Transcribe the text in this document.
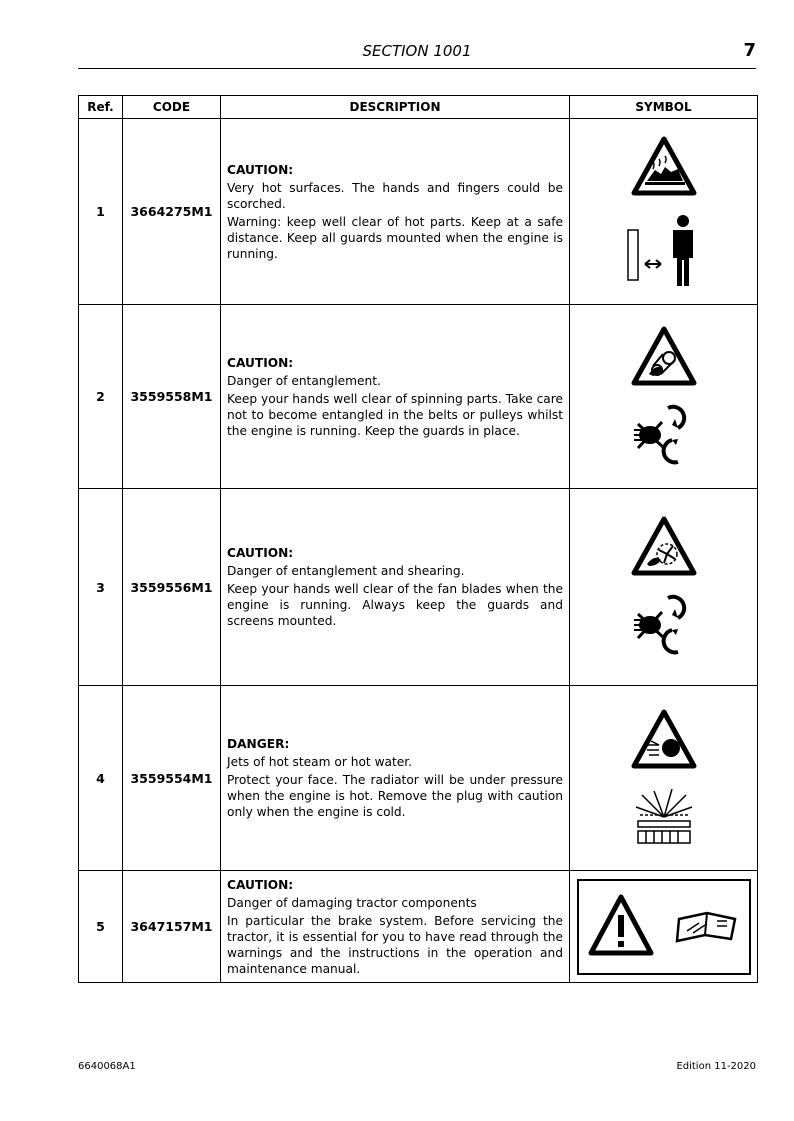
SECTION 1001	7
Ref.	CODE	DESCRIPTION	SYMBOL
1	3664275M1	CAUTION:

Very hot surfaces. The hands and fingers could be scorched.

Warning: keep well clear of hot parts. Keep at a safe distance. Keep all guards mounted when the engine is running.

2	3559558M1	CAUTION:

Danger of entanglement.

Keep your hands well clear of spinning parts. Take care not to become entangled in the belts or pulleys whilst the engine is running. Keep the guards in place.

3	3559556M1	CAUTION:

Danger of entanglement and shearing.

Keep your hands well clear of the fan blades when the engine is running. Always keep the guards and screens mounted.

4	3559554M1	DANGER:

Jets of hot steam or hot water.

Protect your face. The radiator will be under pressure when the engine is hot. Remove the plug with caution only when the engine is cold.

5	3647157M1	CAUTION:

Danger of damaging tractor components

In particular the brake system. Before servicing the tractor, it is essential for you to have read through the warnings and the instructions in the operation and maintenance manual.

6640068A1	Edition 11-2020
